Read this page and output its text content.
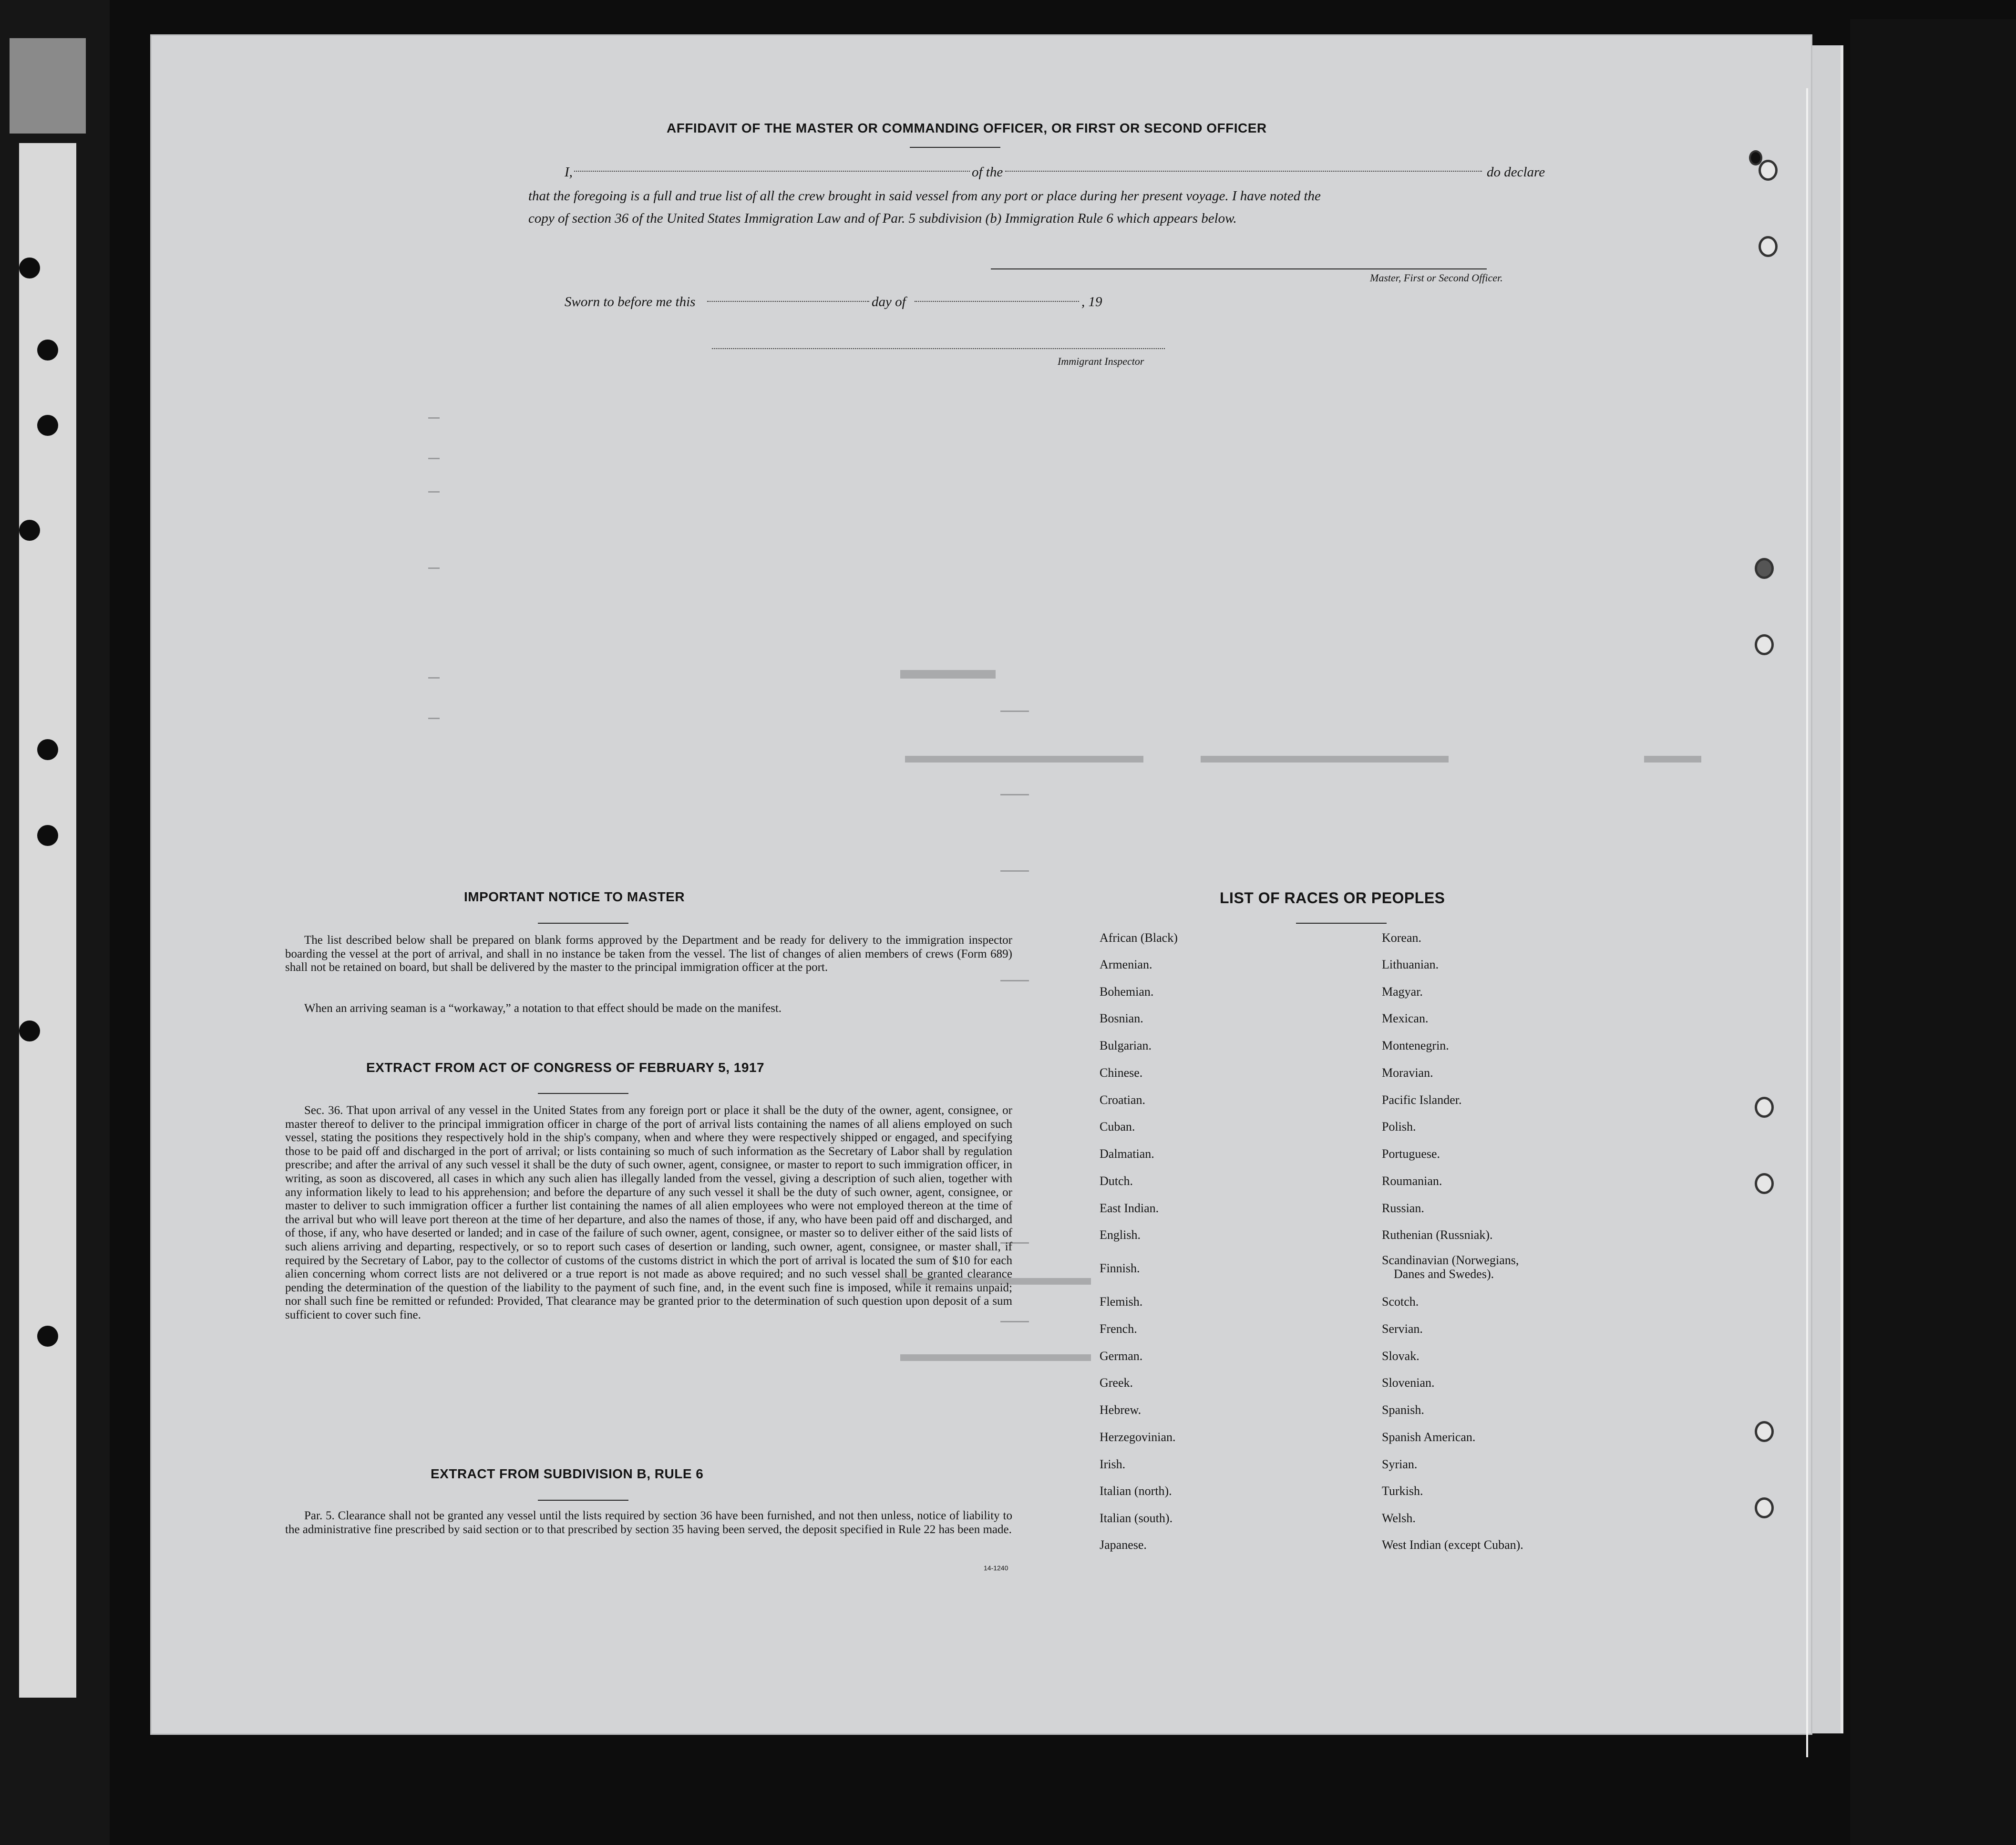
AFFIDAVIT OF THE MASTER OR COMMANDING OFFICER, OR FIRST OR SECOND OFFICER
I,	of the	do declare
that the foregoing is a full and true list of all the crew brought in said vessel from any port or place during her present voyage. I have noted the
copy of section 36 of the United States Immigration Law and of Par. 5 subdivision (b) Immigration Rule 6 which appears below.
Master, First or Second Officer.
Sworn to before me this	day of	, 19
Immigrant Inspector
IMPORTANT NOTICE TO MASTER
The list described below shall be prepared on blank forms approved by the Department and be ready for delivery to the immigration inspector boarding the vessel at the port of arrival, and shall in no instance be taken from the vessel. The list of changes of alien members of crews (Form 689) shall not be retained on board, but shall be delivered by the master to the principal immigration officer at the port.
When an arriving seaman is a “workaway,” a notation to that effect should be made on the manifest.
EXTRACT FROM ACT OF CONGRESS OF FEBRUARY 5, 1917
Sec. 36. That upon arrival of any vessel in the United States from any foreign port or place it shall be the duty of the owner, agent, consignee, or master thereof to deliver to the principal immigration officer in charge of the port of arrival lists containing the names of all aliens employed on such vessel, stating the positions they respectively hold in the ship's company, when and where they were respectively shipped or engaged, and specifying those to be paid off and discharged in the port of arrival; or lists containing so much of such information as the Secretary of Labor shall by regulation prescribe; and after the arrival of any such vessel it shall be the duty of such owner, agent, consignee, or master to report to such immigration officer, in writing, as soon as discovered, all cases in which any such alien has illegally landed from the vessel, giving a description of such alien, together with any information likely to lead to his apprehension; and before the departure of any such vessel it shall be the duty of such owner, agent, consignee, or master to deliver to such immigration officer a further list containing the names of all alien employees who were not employed thereon at the time of the arrival but who will leave port thereon at the time of her departure, and also the names of those, if any, who have been paid off and discharged, and of those, if any, who have deserted or landed; and in case of the failure of such owner, agent, consignee, or master so to deliver either of the said lists of such aliens arriving and departing, respectively, or so to report such cases of desertion or landing, such owner, agent, consignee, or master shall, if required by the Secretary of Labor, pay to the collector of customs of the customs district in which the port of arrival is located the sum of $10 for each alien concerning whom correct lists are not delivered or a true report is not made as above required; and no such vessel shall be granted clearance pending the determination of the question of the liability to the payment of such fine, and, in the event such fine is imposed, while it remains unpaid; nor shall such fine be remitted or refunded: Provided, That clearance may be granted prior to the determination of such question upon deposit of a sum sufficient to cover such fine.
EXTRACT FROM SUBDIVISION B, RULE 6
Par. 5. Clearance shall not be granted any vessel until the lists required by section 36 have been furnished, and not then unless, notice of liability to the administrative fine prescribed by said section or to that prescribed by section 35 having been served, the deposit specified in Rule 22 has been made.
14-1240
LIST OF RACES OR PEOPLES
African (Black)
Armenian.
Bohemian.
Bosnian.
Bulgarian.
Chinese.
Croatian.
Cuban.
Dalmatian.
Dutch.
East Indian.
English.
Finnish.
Flemish.
French.
German.
Greek.
Hebrew.
Herzegovinian.
Irish.
Italian (north).
Italian (south).
Japanese.
Korean.
Lithuanian.
Magyar.
Mexican.
Montenegrin.
Moravian.
Pacific Islander.
Polish.
Portuguese.
Roumanian.
Russian.
Ruthenian (Russniak).
Scandinavian (Norwegians,
Danes and Swedes).
Scotch.
Servian.
Slovak.
Slovenian.
Spanish.
Spanish American.
Syrian.
Turkish.
Welsh.
West Indian (except Cuban).
